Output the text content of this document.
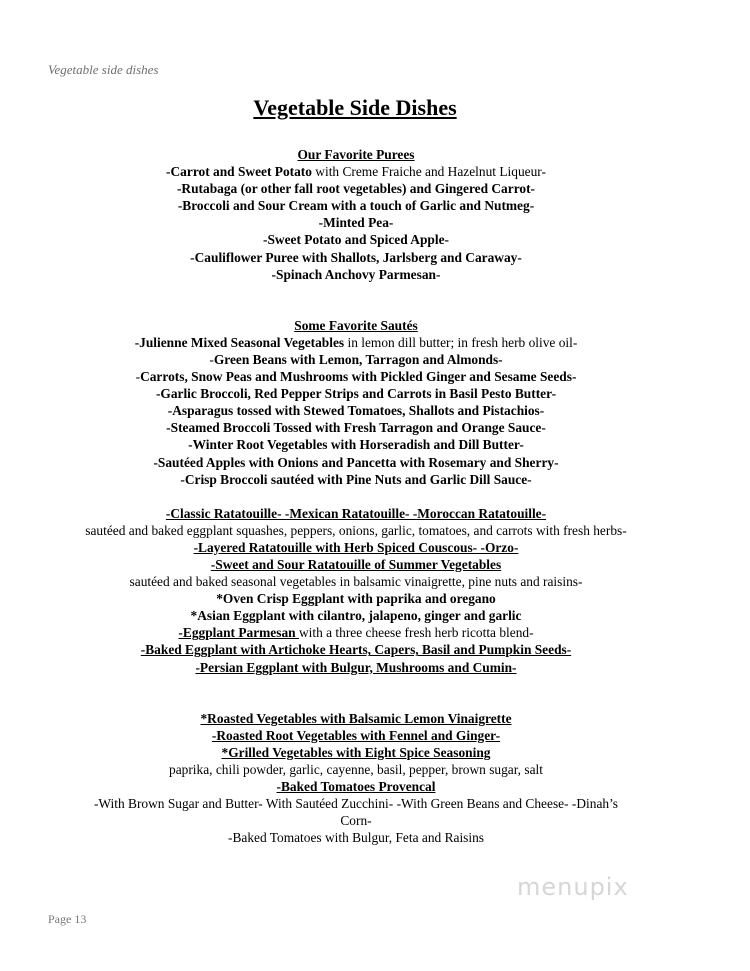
Vegetable side dishes
Vegetable Side Dishes
Our Favorite Purees
-Carrot and Sweet Potato with Creme Fraiche and Hazelnut Liqueur-
-Rutabaga (or other fall root vegetables) and Gingered Carrot-
-Broccoli and Sour Cream with a touch of Garlic and Nutmeg-
-Minted Pea-
-Sweet Potato and Spiced Apple-
-Cauliflower Puree with Shallots, Jarlsberg and Caraway-
-Spinach Anchovy Parmesan-
Some Favorite Sautés
-Julienne Mixed Seasonal Vegetables in lemon dill butter; in fresh herb olive oil-
-Green Beans with Lemon, Tarragon and Almonds-
-Carrots, Snow Peas and Mushrooms with Pickled Ginger and Sesame Seeds-
-Garlic Broccoli, Red Pepper Strips and Carrots in Basil Pesto Butter-
-Asparagus tossed with Stewed Tomatoes, Shallots and Pistachios-
-Steamed Broccoli Tossed with Fresh Tarragon and Orange Sauce-
-Winter Root Vegetables with Horseradish and Dill Butter-
-Sautéed Apples with Onions and Pancetta with Rosemary and Sherry-
-Crisp Broccoli sautéed with Pine Nuts and Garlic Dill Sauce-
-Classic Ratatouille- -Mexican Ratatouille- -Moroccan Ratatouille-
sautéed and baked eggplant squashes, peppers, onions, garlic, tomatoes, and carrots with fresh herbs-
-Layered Ratatouille with Herb Spiced Couscous- -Orzo-
-Sweet and Sour Ratatouille of Summer Vegetables
sautéed and baked seasonal vegetables in balsamic vinaigrette, pine nuts and raisins-
*Oven Crisp Eggplant with paprika and oregano
*Asian Eggplant with cilantro, jalapeno, ginger and garlic
-Eggplant Parmesan with a three cheese fresh herb ricotta blend-
-Baked Eggplant with Artichoke Hearts, Capers, Basil and Pumpkin Seeds-
-Persian Eggplant with Bulgur, Mushrooms and Cumin-
*Roasted Vegetables with Balsamic Lemon Vinaigrette
-Roasted Root Vegetables with Fennel and Ginger-
*Grilled Vegetables with Eight Spice Seasoning
paprika, chili powder, garlic, cayenne, basil, pepper, brown sugar, salt
-Baked Tomatoes Provencal
-With Brown Sugar and Butter- With Sautéed Zucchini- -With Green Beans and Cheese- -Dinah’s
Corn-
-Baked Tomatoes with Bulgur, Feta and Raisins
menupix
Page 13
